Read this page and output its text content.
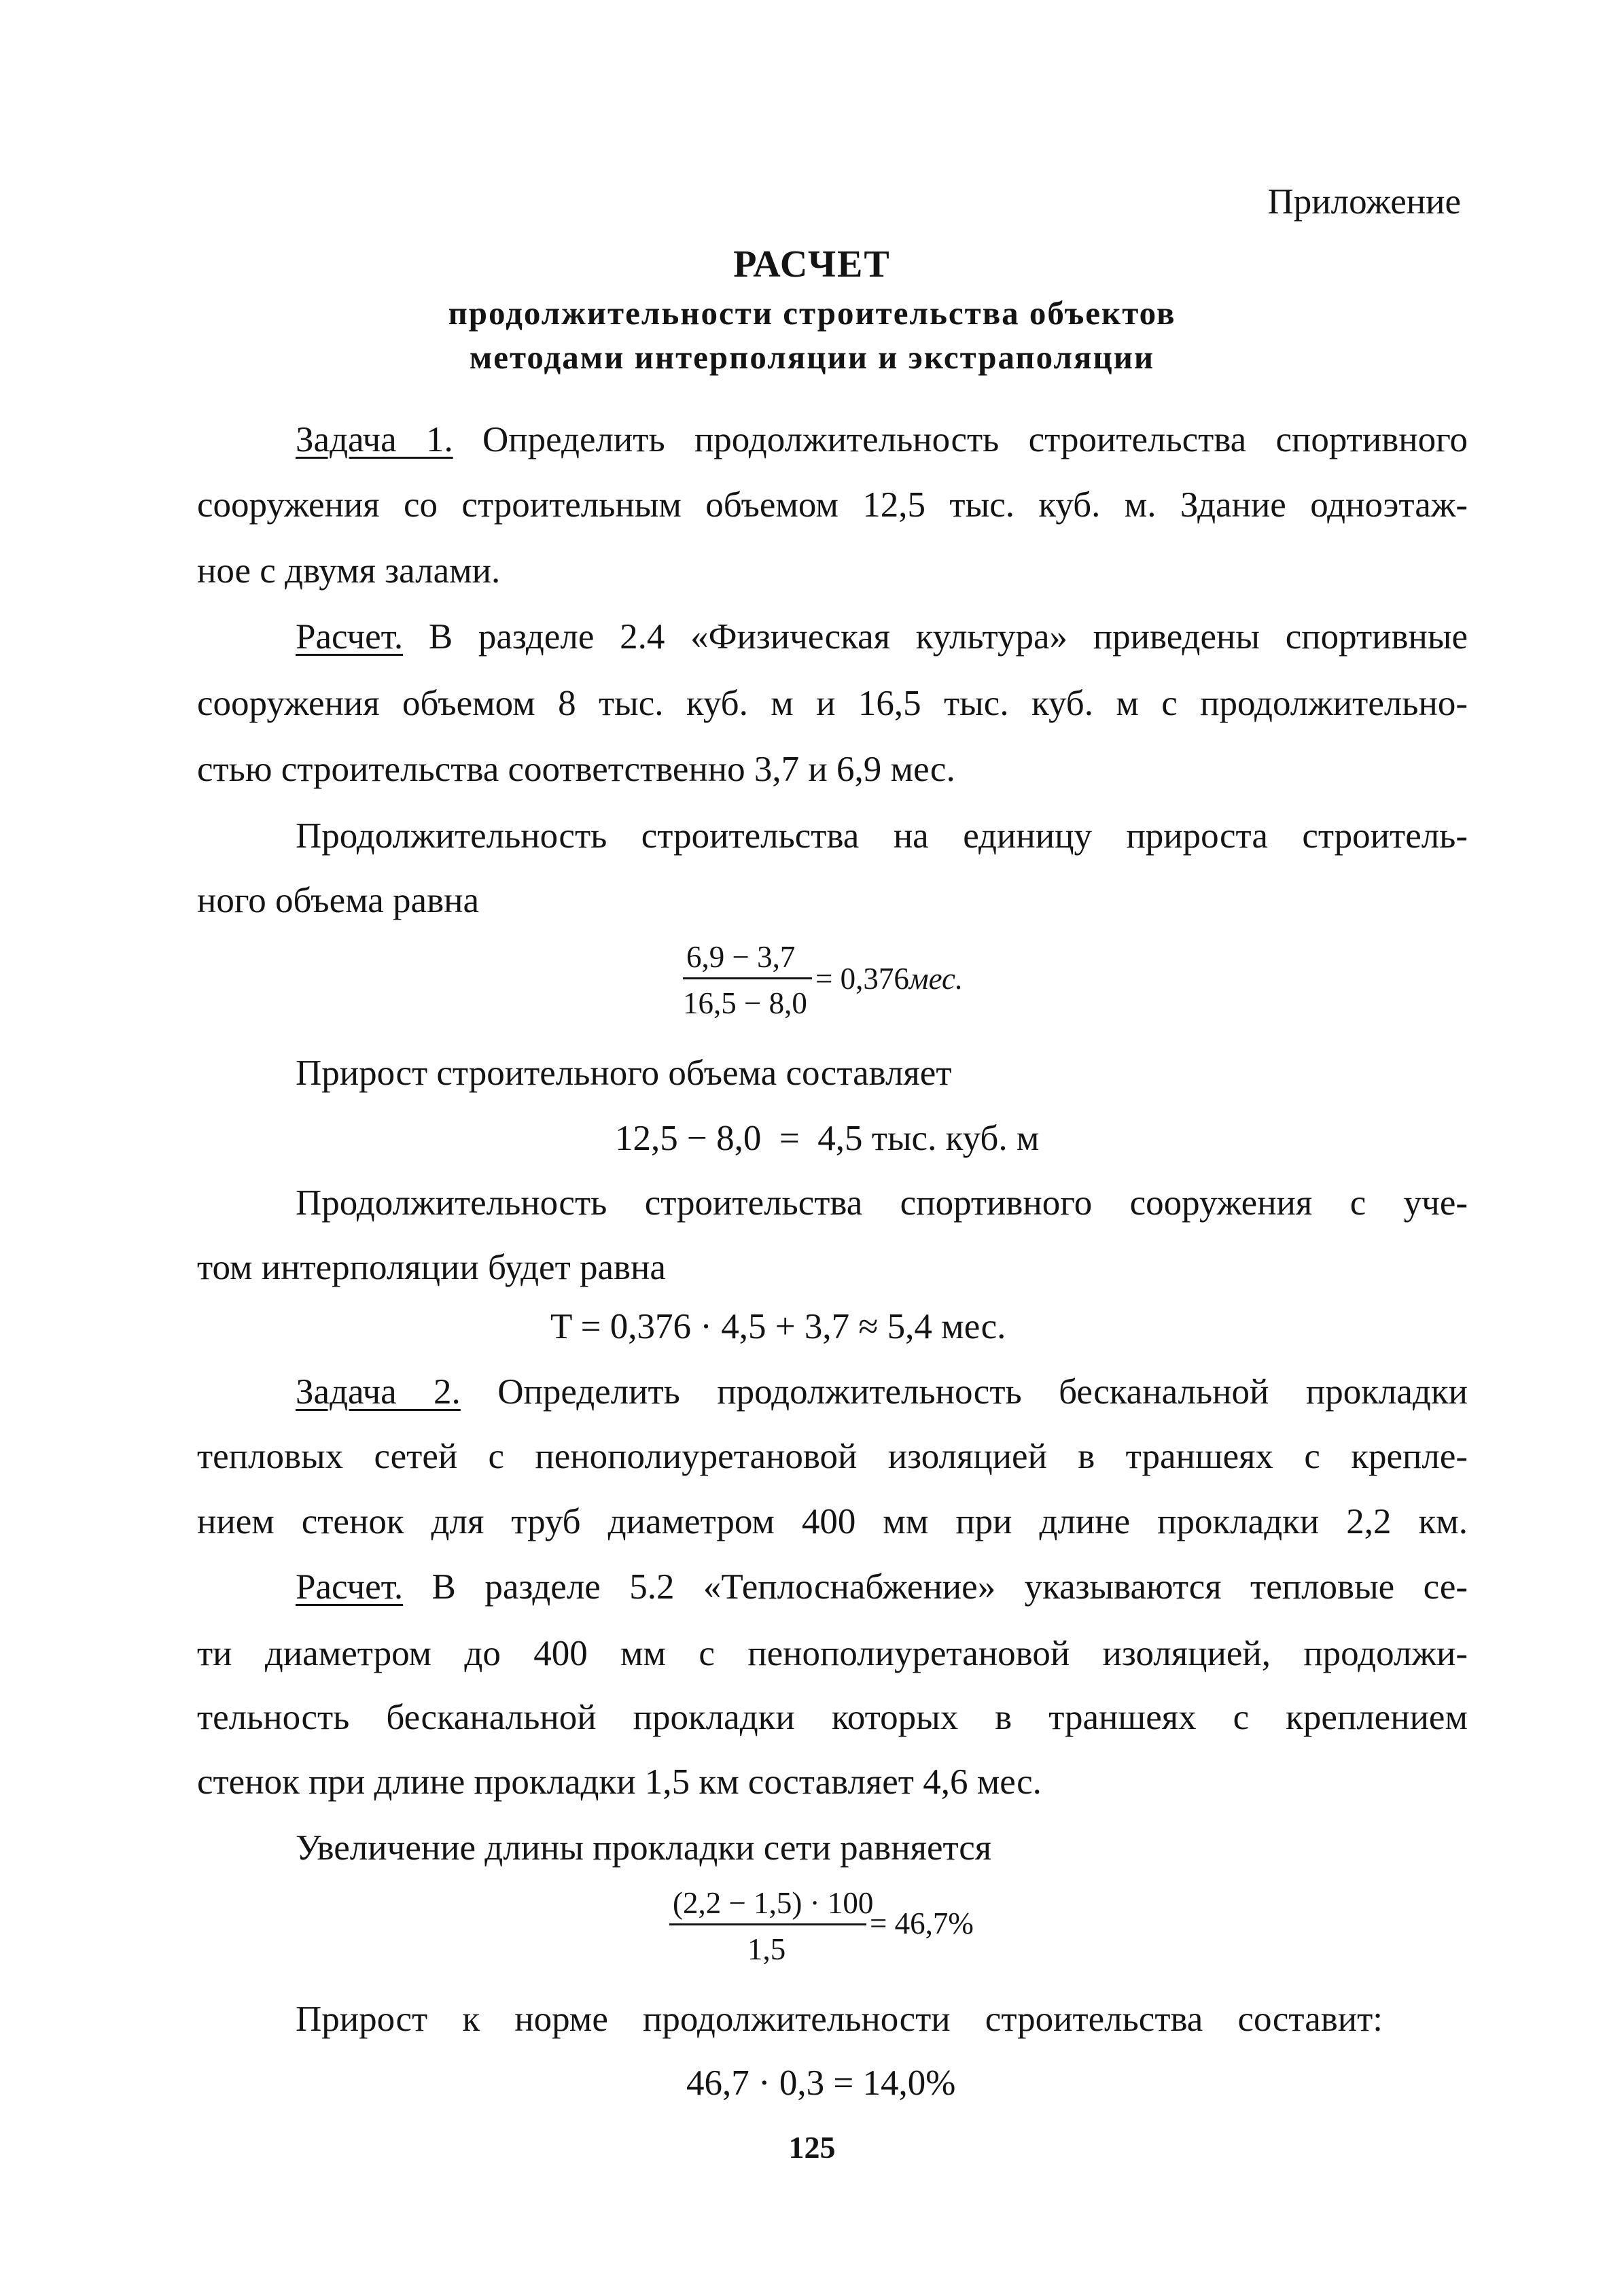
Приложение
РАСЧЕТ
продолжительности строительства объектов
методами интерполяции и экстраполяции
Задача 1. Определить продолжительность строительства спортивного
сооружения со строительным объемом 12,5 тыс. куб. м. Здание одноэтаж-
ное с двумя залами.
Расчет. В разделе 2.4 «Физическая культура» приведены спортивные
сооружения объемом 8 тыс. куб. м и 16,5 тыс. куб. м с продолжительно-
стью строительства соответственно 3,7 и 6,9 мес.
Продолжительность строительства на единицу прироста строитель-
ного объема равна
6,9 − 3,7
16,5 − 8,0
= 0,376мес.
Прирост строительного объема составляет
12,5 − 8,0  =  4,5 тыс. куб. м
Продолжительность строительства спортивного сооружения с уче-
том интерполяции будет равна
T = 0,376 · 4,5 + 3,7 ≈ 5,4 мес.
Задача 2. Определить продолжительность бесканальной прокладки
тепловых сетей с пенополиуретановой изоляцией в траншеях с крепле-
нием стенок для труб диаметром 400 мм при длине прокладки 2,2 км.
Расчет. В разделе 5.2 «Теплоснабжение» указываются тепловые се-
ти диаметром до 400 мм с пенополиуретановой изоляцией, продолжи-
тельность бесканальной прокладки которых в траншеях с креплением
стенок при длине прокладки 1,5 км составляет 4,6 мес.
Увеличение длины прокладки сети равняется
(2,2 − 1,5) · 100
1,5
= 46,7%
Прирост к норме продолжительности строительства составит:
46,7 · 0,3 = 14,0%
125
